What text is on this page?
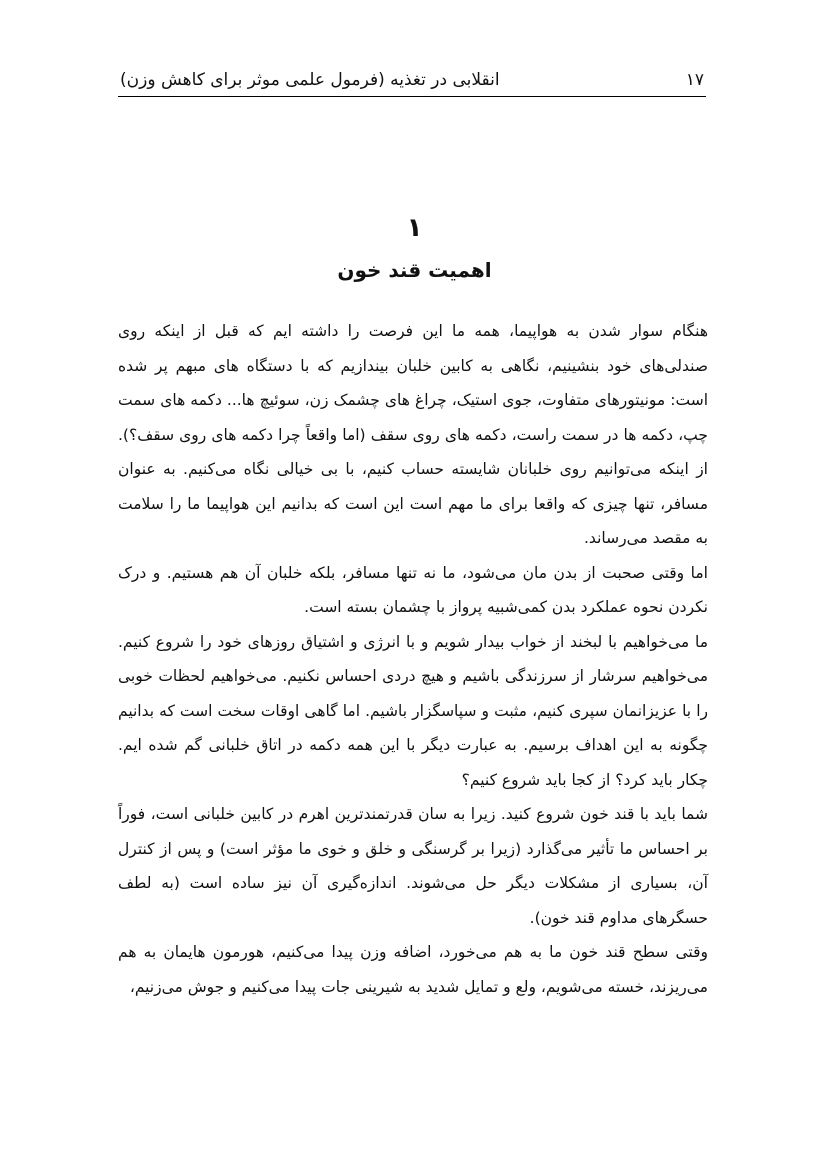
۱۷
انقلابی در تغذیه (فرمول علمی موثر برای کاهش وزن)
۱
اهمیت قند خون

هنگام سوار شدن به هواپیما، همه ما این فرصت را داشته ایم که قبل از اینکه روی صندلی‌های خود بنشینیم، نگاهی به کابین خلبان بیندازیم که با دستگاه های مبهم پر شده است: مونیتورهای متفاوت، جوی استیک، چراغ های چشمک زن، سوئیچ ها... دکمه های سمت چپ، دکمه ها در سمت راست، دکمه های روی سقف (اما واقعاً چرا دکمه های روی سقف؟). از اینکه می‌توانیم روی خلبانان شایسته حساب کنیم، با بی خیالی نگاه می‌کنیم. به عنوان مسافر، تنها چیزی که واقعا برای ما مهم است این است که بدانیم این هواپیما ما را سلامت به مقصد می‌رساند.

اما وقتی صحبت از بدن مان می‌شود، ما نه تنها مسافر، بلکه خلبان آن هم هستیم. و درک نکردن نحوه عملکرد بدن کمی‌شبیه پرواز با چشمان بسته است.

ما می‌خواهیم با لبخند از خواب بیدار شویم و با انرژی و اشتیاق روزهای خود را شروع کنیم. می‌خواهیم سرشار از سرزندگی باشیم و هیچ دردی احساس نکنیم. می‌خواهیم لحظات خوبی را با عزیزانمان سپری کنیم، مثبت و سپاسگزار باشیم. اما گاهی اوقات سخت است که بدانیم چگونه به این اهداف برسیم. به عبارت دیگر با این همه دکمه در اتاق خلبانی گم شده ایم. چکار باید کرد؟ از کجا باید شروع کنیم؟

شما باید با قند خون شروع کنید. زیرا به سان قدرتمندترین اهرم در کابین خلبانی است، فوراً بر احساس ما تأثیر می‌گذارد (زیرا بر گرسنگی و خلق و خوی ما مؤثر است) و پس از کنترل آن، بسیاری از مشکلات دیگر حل می‌شوند. اندازه‌گیری آن نیز ساده است (به لطف حسگرهای مداوم قند خون).

وقتی سطح قند خون ما به هم می‌خورد، اضافه وزن پیدا می‌کنیم، هورمون هایمان به هم می‌ریزند، خسته می‌شویم، ولع و تمایل شدید به شیرینی جات پیدا می‌کنیم و جوش می‌زنیم،
